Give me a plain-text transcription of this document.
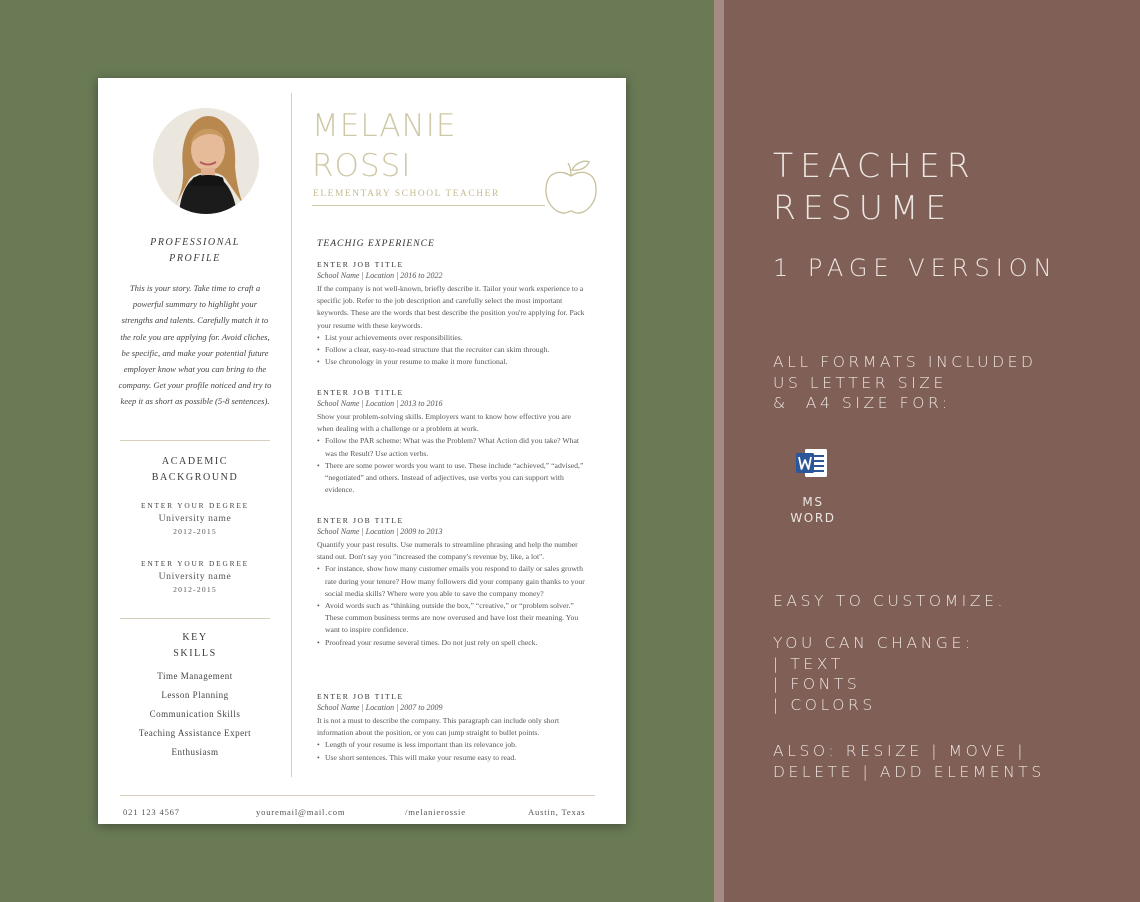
PROFESSIONAL
PROFILE
This is your story. Take time to craft a powerful summary to highlight your strengths and talents. Carefully match it to the role you are applying for. Avoid cliches, be specific, and make your potential future employer know what you can bring to the company. Get your profile noticed and try to keep it as short as possible (5-8 sentences).
ACADEMIC
BACKGROUND
ENTER YOUR DEGREE
University name
2012-2015
ENTER YOUR DEGREE
University name
2012-2015
KEY
SKILLS
Time Management
Lesson Planning
Communication Skills
Teaching Assistance Expert
Enthusiasm
MELANIE
ROSSI
ELEMENTARY SCHOOL TEACHER
TEACHIG EXPERIENCE
ENTER JOB TITLE
School Name | Location | 2016 to 2022
If the company is not well-known, briefly describe it. Tailor your work experience to a specific job. Refer to the job description and carefully select the most important keywords. These are the words that best describe the position you're applying for. Pack your resume with these keywords.
• List your achievements over responsibilities.
• Follow a clear, easy-to-read structure that the recruiter can skim through.
• Use chronology in your resume to make it more functional.
ENTER JOB TITLE
School Name | Location | 2013 to 2016
Show your problem-solving skills. Employers want to know how effective you are when dealing with a challenge or a problem at work.
• Follow the PAR scheme: What was the Problem? What Action did you take? What was the Result? Use action verbs.
• There are some power words you want to use. These include “achieved,” “advised,” “negotiated” and others. Instead of adjectives, use verbs you can support with evidence.
ENTER JOB TITLE
School Name | Location | 2009 to 2013
Quantify your past results. Use numerals to streamline phrasing and help the number stand out. Don't say you "increased the company's revenue by, like, a lot".
• For instance, show how many customer emails you respond to daily or sales growth rate during your tenure? How many followers did your company gain thanks to your social media skills? Where were you able to save the company money?
• Avoid words such as “thinking outside the box,” “creative,” or “problem solver.” These common business terms are now overused and have lost their meaning. You want to inspire confidence.
• Proofread your resume several times. Do not just rely on spell check.
ENTER JOB TITLE
School Name | Location | 2007 to 2009
It is not a must to describe the company. This paragraph can include only short information about the position, or you can jump straight to bullet points.
• Length of your resume is less important than its relevance job.
• Use short sentences. This will make your resume easy to read.
021 123 4567	youremail@mail.com	/melanierossie	Austin, Texas
TEACHER
RESUME
1 PAGE VERSION
ALL FORMATS INCLUDED
US LETTER SIZE
&  A4 SIZE FOR:
MS
WORD
EASY TO CUSTOMIZE.
YOU CAN CHANGE:
| TEXT
| FONTS
| COLORS
ALSO: RESIZE | MOVE |
DELETE | ADD ELEMENTS
